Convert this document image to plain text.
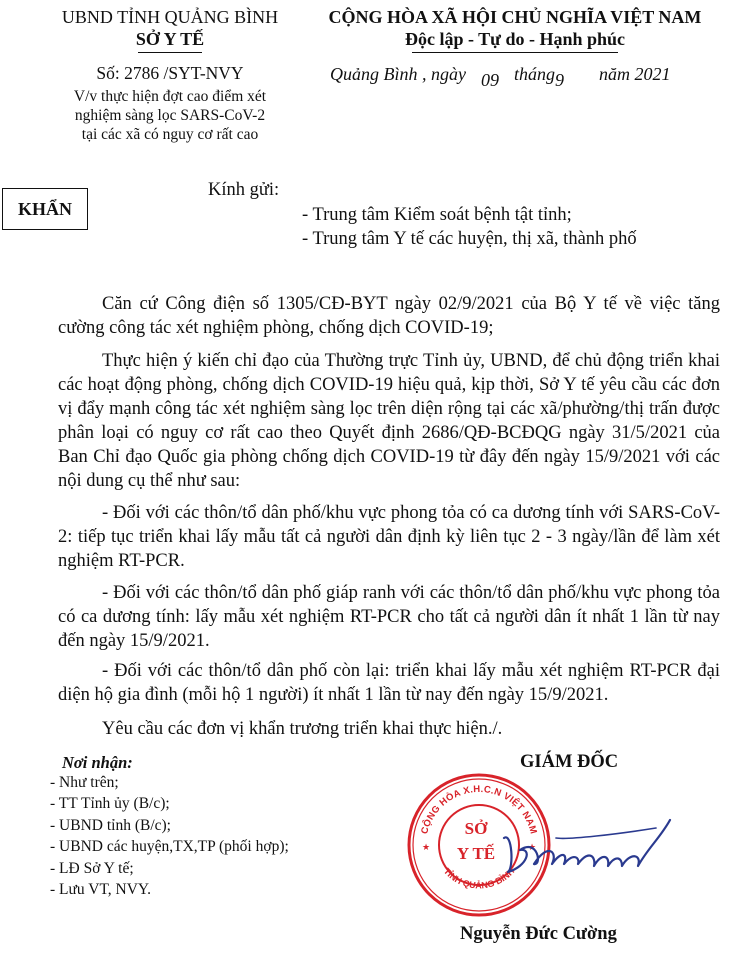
UBND TỈNH QUẢNG BÌNH
SỞ Y TẾ
Số: 2786 /SYT-NVY
V/v thực hiện đợt cao điểm xét
nghiệm sàng lọc SARS-CoV-2
tại các xã có nguy cơ rất cao
CỘNG HÒA XÃ HỘI CHỦ NGHĨA VIỆT NAM
Độc lập - Tự do - Hạnh phúc
Quảng Bình , ngày 09 tháng9 năm 2021
KHẨN
Kính gửi:
- Trung tâm Kiểm soát bệnh tật tỉnh;
- Trung tâm Y tế các huyện, thị xã, thành phố
Căn cứ Công điện số 1305/CĐ-BYT ngày 02/9/2021 của Bộ Y tế về việc tăng cường công tác xét nghiệm phòng, chống dịch COVID-19;
Thực hiện ý kiến chỉ đạo của Thường trực Tỉnh ủy, UBND, để chủ động triển khai các hoạt động phòng, chống dịch COVID-19 hiệu quả, kịp thời, Sở Y tế yêu cầu các đơn vị đẩy mạnh công tác xét nghiệm sàng lọc trên diện rộng tại các xã/phường/thị trấn được phân loại có nguy cơ rất cao theo Quyết định 2686/QĐ-BCĐQG ngày 31/5/2021 của Ban Chỉ đạo Quốc gia phòng chống dịch COVID-19 từ đây đến ngày 15/9/2021 với các nội dung cụ thể như sau:
- Đối với các thôn/tổ dân phố/khu vực phong tỏa có ca dương tính với SARS-CoV-2: tiếp tục triển khai lấy mẫu tất cả người dân định kỳ liên tục 2 - 3 ngày/lần để làm xét nghiệm RT-PCR.
- Đối với các thôn/tổ dân phố giáp ranh với các thôn/tổ dân phố/khu vực phong tỏa có ca dương tính: lấy mẫu xét nghiệm RT-PCR cho tất cả người dân ít nhất 1 lần từ nay đến ngày 15/9/2021.
- Đối với các thôn/tổ dân phố còn lại: triển khai lấy mẫu xét nghiệm RT-PCR đại diện hộ gia đình (mỗi hộ 1 người) ít nhất 1 lần từ nay đến ngày 15/9/2021.
Yêu cầu các đơn vị khẩn trương triển khai thực hiện./.
Nơi nhận:
- Như trên;
- TT Tỉnh ủy (B/c);
- UBND tỉnh (B/c);
- UBND các huyện,TX,TP (phối hợp);
- LĐ Sở Y tế;
- Lưu VT, NVY.
GIÁM ĐỐC
CỘNG HÒA X.H.C.N VIỆT NAM
TỈNH QUẢNG BÌNH
★	★
SỞ
Y TẾ
Nguyễn Đức Cường
